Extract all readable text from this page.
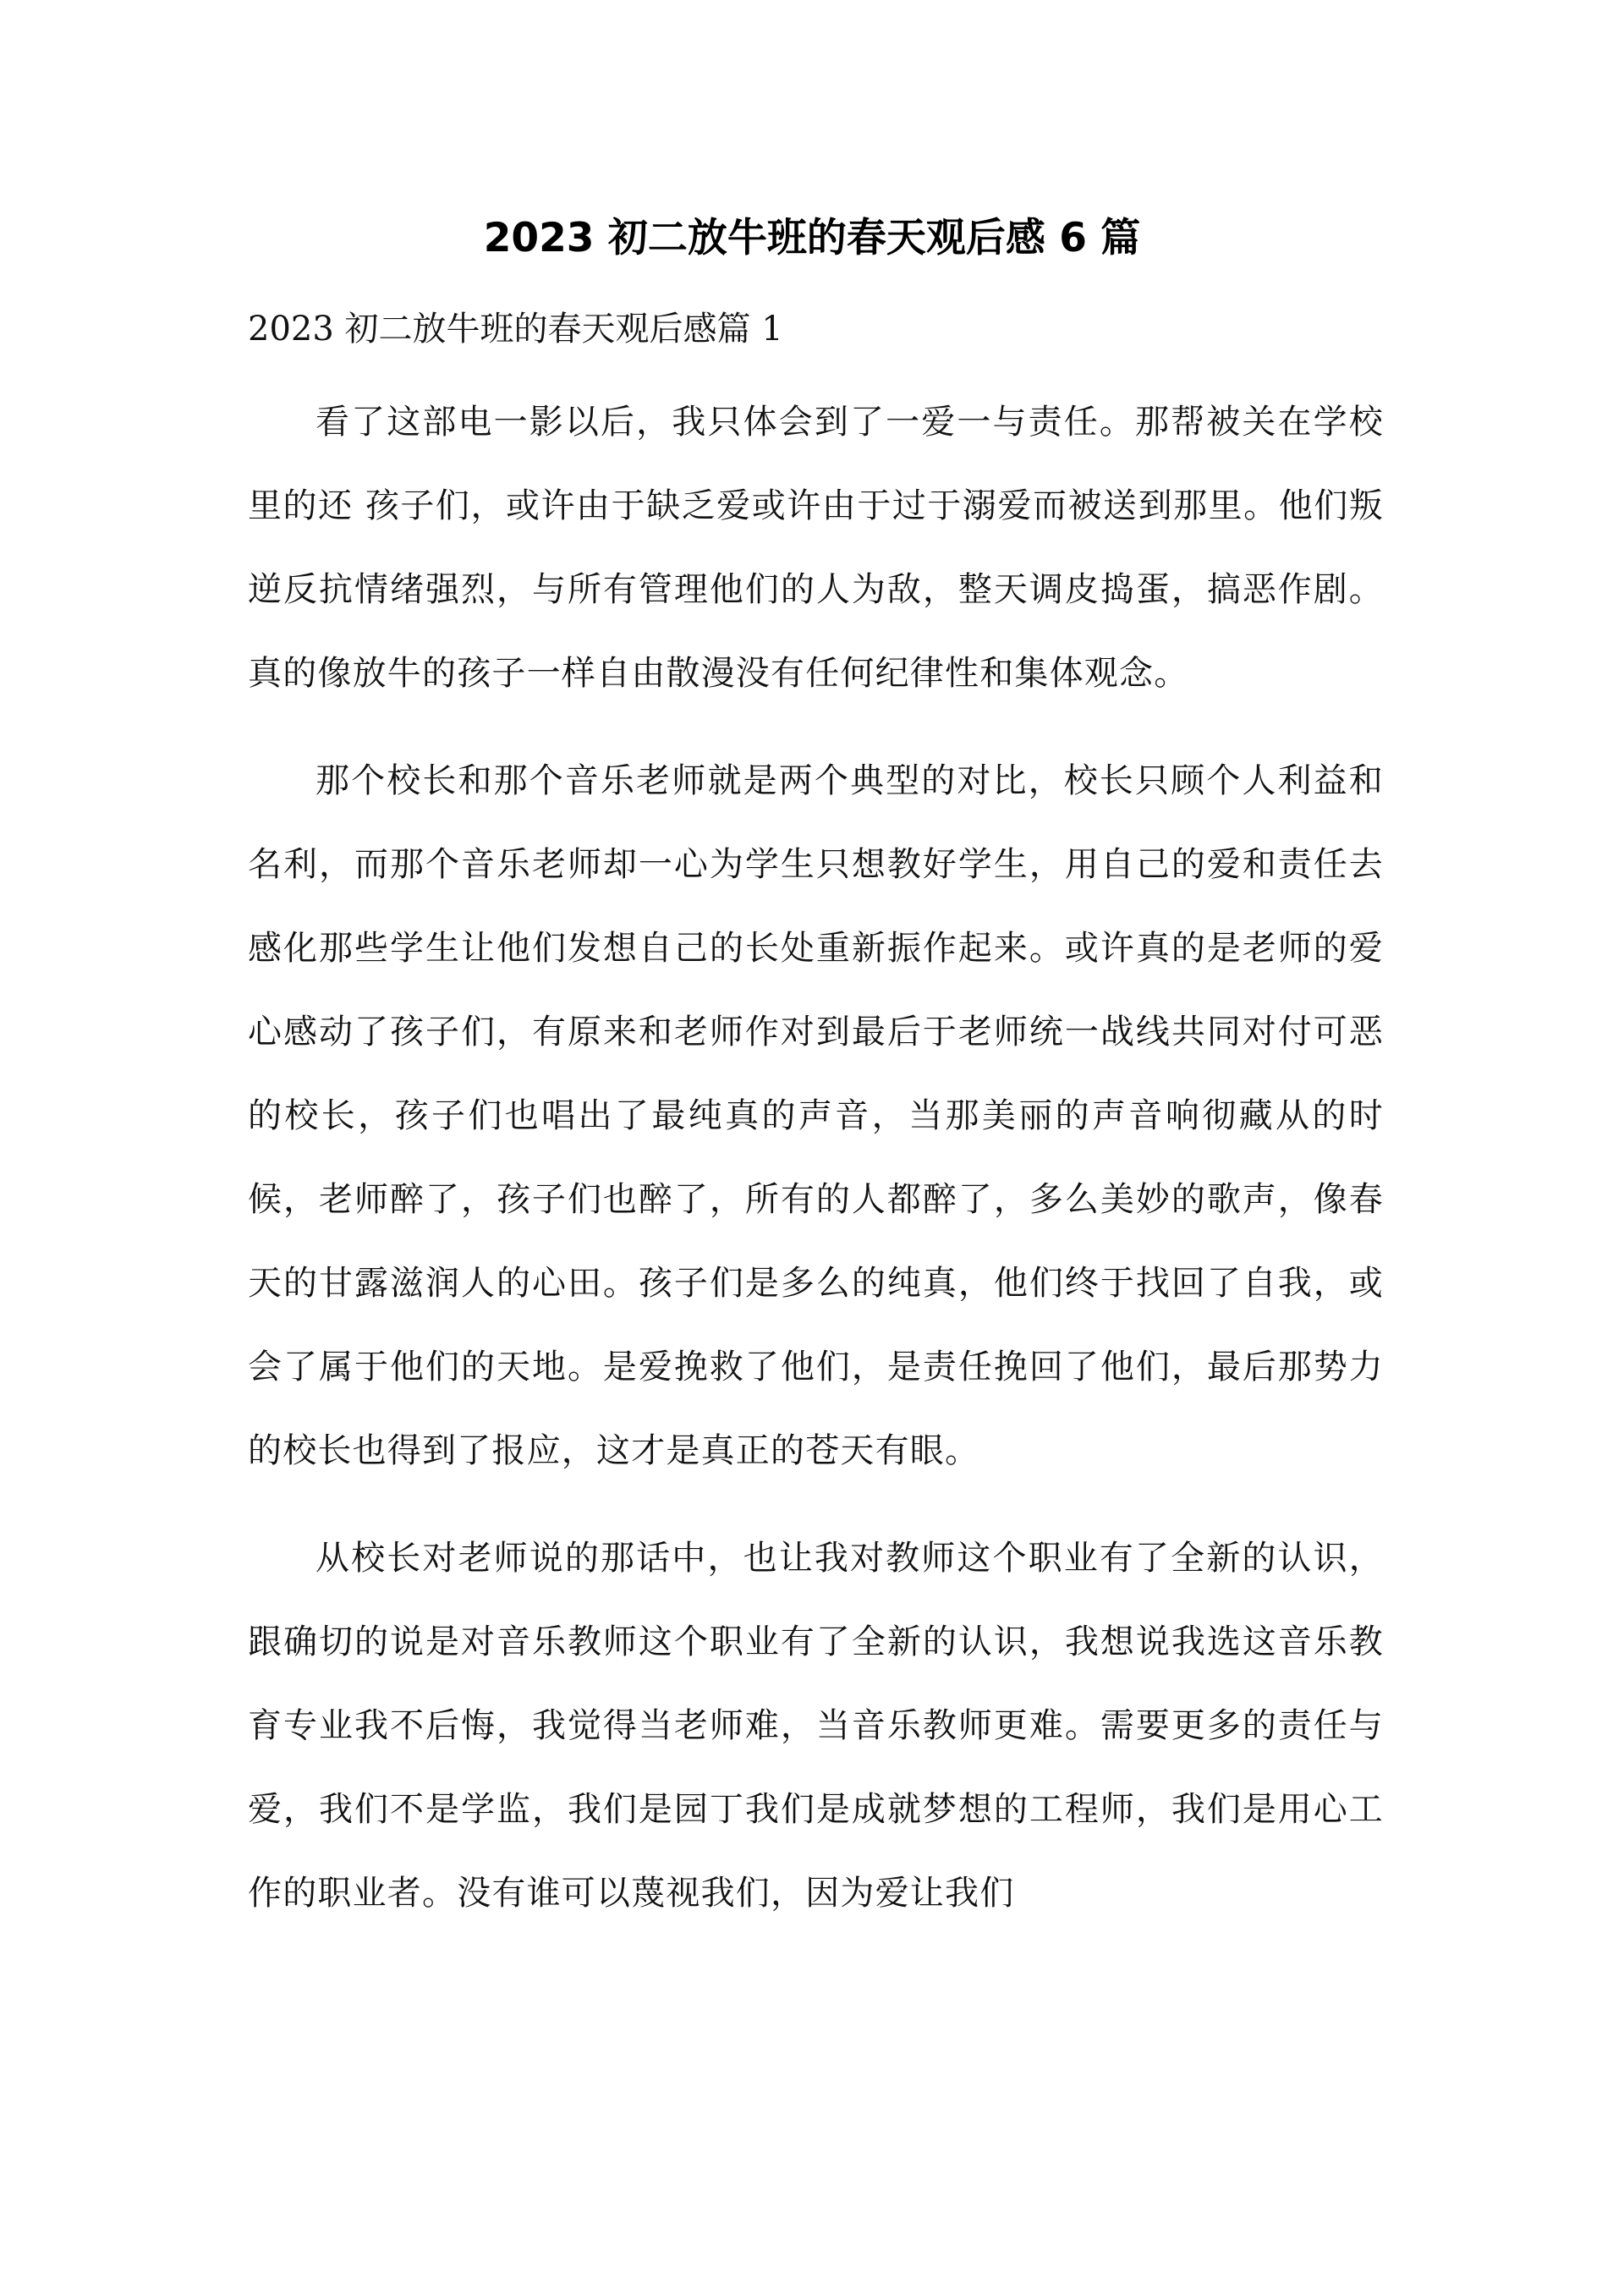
2023 初二放牛班的春天观后感 6 篇
2023 初二放牛班的春天观后感篇 1

看了这部电一影以后，我只体会到了一爱一与责任。那帮被关在学校里的还 孩子们，或许由于缺乏爱或许由于过于溺爱而被送到那里。他们叛逆反抗情绪强烈，与所有管理他们的人为敌，整天调皮捣蛋，搞恶作剧。真的像放牛的孩子一样自由散漫没有任何纪律性和集体观念。

那个校长和那个音乐老师就是两个典型的对比，校长只顾个人利益和名利，而那个音乐老师却一心为学生只想教好学生，用自己的爱和责任去感化那些学生让他们发想自己的长处重新振作起来。或许真的是老师的爱心感动了孩子们，有原来和老师作对到最后于老师统一战线共同对付可恶的校长，孩子们也唱出了最纯真的声音，当那美丽的声音响彻藏从的时候，老师醉了，孩子们也醉了，所有的人都醉了，多么美妙的歌声，像春天的甘露滋润人的心田。孩子们是多么的纯真，他们终于找回了自我，或会了属于他们的天地。是爱挽救了他们，是责任挽回了他们，最后那势力的校长也得到了报应，这才是真正的苍天有眼。

从校长对老师说的那话中，也让我对教师这个职业有了全新的认识，跟确切的说是对音乐教师这个职业有了全新的认识，我想说我选这音乐教育专业我不后悔，我觉得当老师难，当音乐教师更难。需要更多的责任与爱，我们不是学监，我们是园丁我们是成就梦想的工程师，我们是用心工作的职业者。没有谁可以蔑视我们，因为爱让我们
